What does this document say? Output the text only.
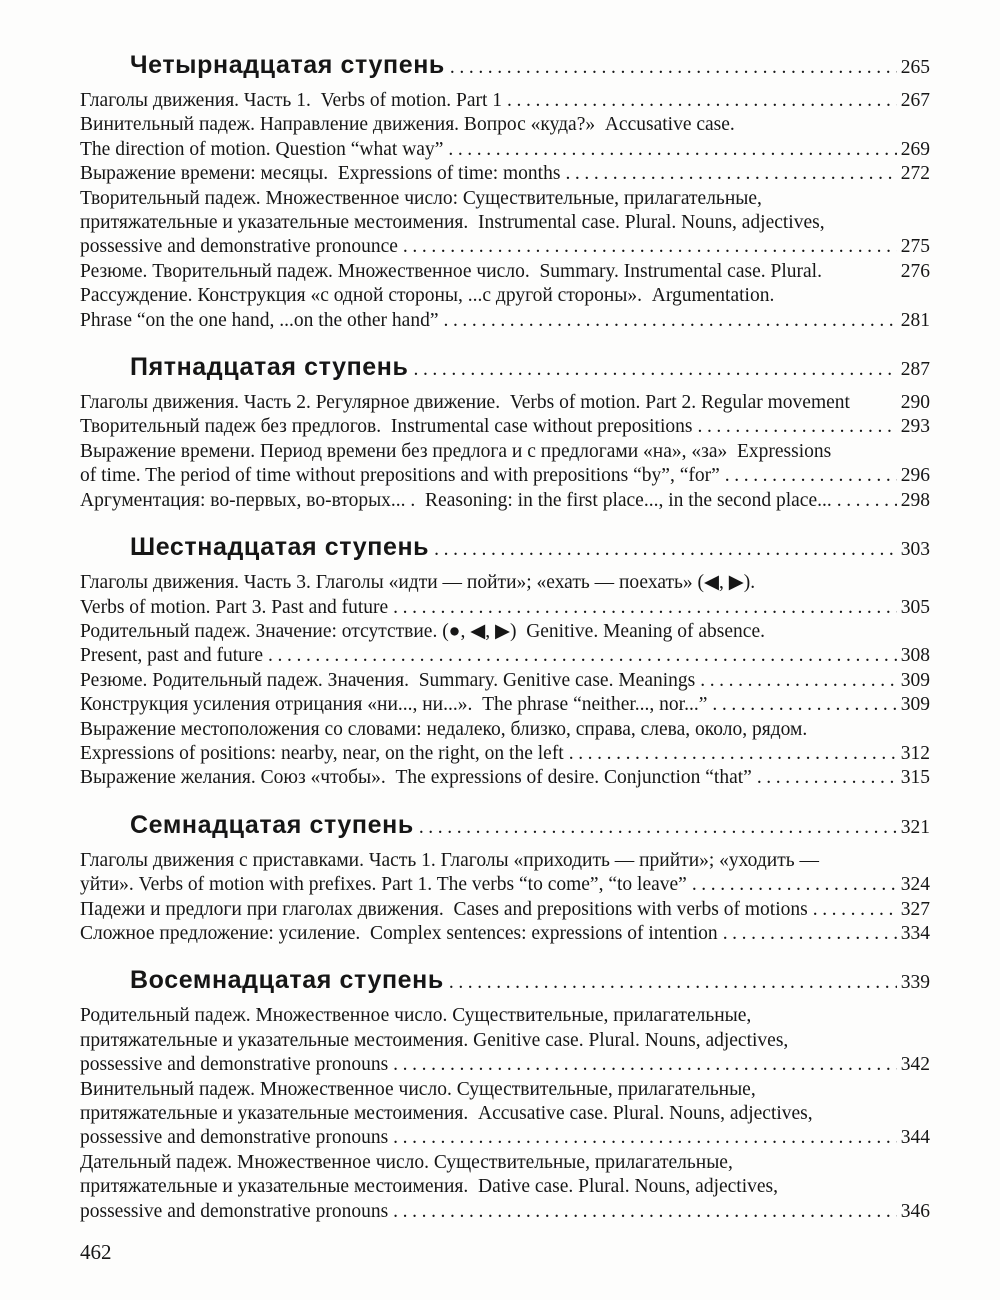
Четырнадцатая ступень .....	265
Глаголы движения. Часть 1.  Verbs of motion. Part 1 .....	267
Винительный падеж. Направление движения. Вопрос «куда?»  Accusative case.
The direction of motion. Question “what way” .....	269
Выражение времени: месяцы.  Expressions of time: months .....	272
Творительный падеж. Множественное число: Существительные, прилагательные,
притяжательные и указательные местоимения.  Instrumental case. Plural. Nouns, adjectives,
possessive and demonstrative pronounce .....	275
Резюме. Творительный падеж. Множественное число.  Summary. Instrumental case. Plural.	276
Рассуждение. Конструкция «с одной стороны, ...с другой стороны».  Argumentation.
Phrase “on the one hand, ...on the other hand” .....	281
Пятнадцатая ступень .....	287
Глаголы движения. Часть 2. Регулярное движение.  Verbs of motion. Part 2. Regular movement	290
Творительный падеж без предлогов.  Instrumental case without prepositions .....	293
Выражение времени. Период времени без предлога и с предлогами «на», «за»  Expressions
of time. The period of time without prepositions and with prepositions “by”, “for” .....	296
Аргументация: во-первых, во-вторых... .  Reasoning: in the first place..., in the second place... .....	298
Шестнадцатая ступень .....	303
Глаголы движения. Часть 3. Глаголы «идти — пойти»; «ехать — поехать» (◀, ▶).
Verbs of motion. Part 3. Past and future .....	305
Родительный падеж. Значение: отсутствие. (●, ◀, ▶)  Genitive. Meaning of absence.
Present, past and future .....	308
Резюме. Родительный падеж. Значения.  Summary. Genitive case. Meanings .....	309
Конструкция усиления отрицания «ни..., ни...».  The phrase “neither..., nor...” .....	309
Выражение местоположения со словами: недалеко, близко, справа, слева, около, рядом.
Expressions of positions: nearby, near, on the right, on the left .....	312
Выражение желания. Союз «чтобы».  The expressions of desire. Conjunction “that” .....	315
Семнадцатая ступень .....	321
Глаголы движения с приставками. Часть 1. Глаголы «приходить — прийти»; «уходить —
уйти». Verbs of motion with prefixes. Part 1. The verbs “to come”, “to leave” .....	324
Падежи и предлоги при глаголах движения.  Cases and prepositions with verbs of motions .....	327
Сложное предложение: усиление.  Complex sentences: expressions of intention .....	334
Восемнадцатая ступень .....	339
Родительный падеж. Множественное число. Существительные, прилагательные,
притяжательные и указательные местоимения. Genitive case. Plural. Nouns, adjectives,
possessive and demonstrative pronouns .....	342
Винительный падеж. Множественное число. Существительные, прилагательные,
притяжательные и указательные местоимения.  Accusative case. Plural. Nouns, adjectives,
possessive and demonstrative pronouns .....	344
Дательный падеж. Множественное число. Существительные, прилагательные,
притяжательные и указательные местоимения.  Dative case. Plural. Nouns, adjectives,
possessive and demonstrative pronouns .....	346
462
